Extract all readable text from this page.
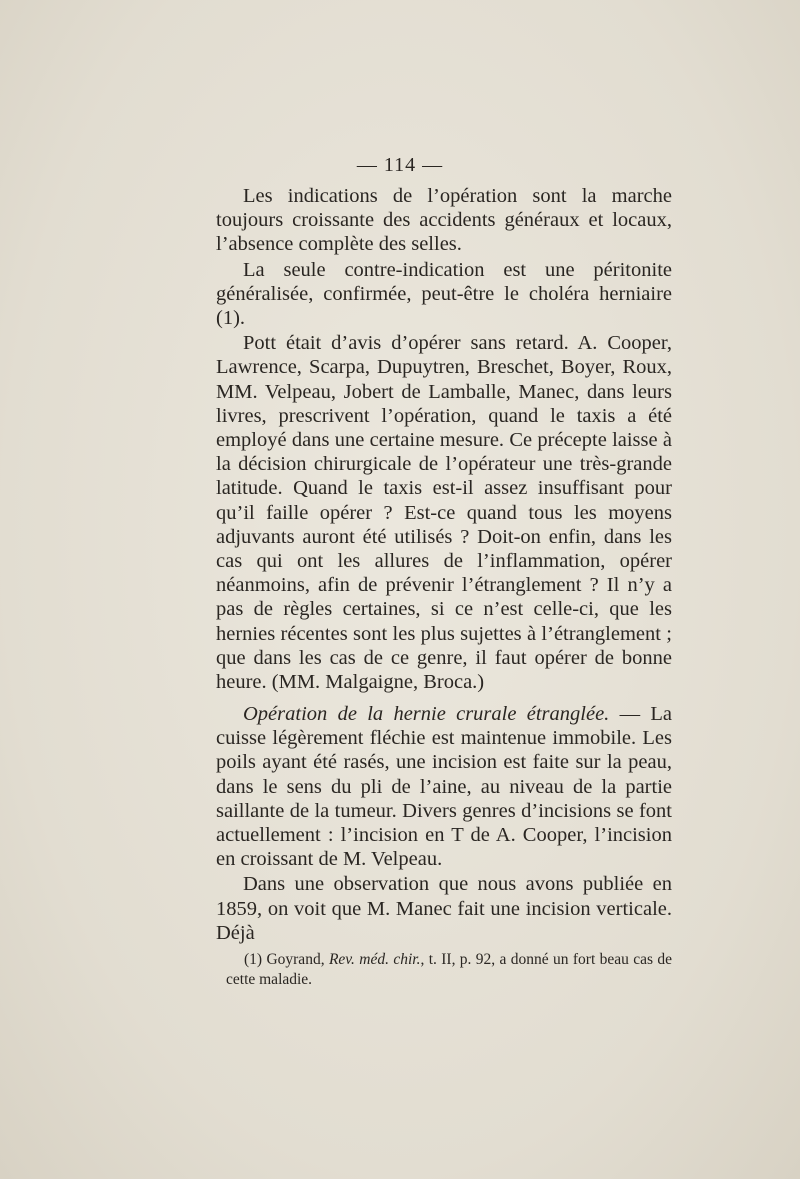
— 114 —

Les indications de l’opération sont la marche toujours croissante des accidents généraux et locaux, l’absence complète des selles.

La seule contre-indication est une péritonite généralisée, confirmée, peut-être le choléra herniaire (1).

Pott était d’avis d’opérer sans retard. A. Cooper, Lawrence, Scarpa, Dupuytren, Breschet, Boyer, Roux, MM. Velpeau, Jobert de Lamballe, Manec, dans leurs livres, prescrivent l’opération, quand le taxis a été employé dans une certaine mesure. Ce précepte laisse à la décision chirurgicale de l’opérateur une très-grande latitude. Quand le taxis est-il assez insuffisant pour qu’il faille opérer ? Est-ce quand tous les moyens adjuvants auront été utilisés ? Doit-on enfin, dans les cas qui ont les allures de l’inflammation, opérer néanmoins, afin de prévenir l’étranglement ? Il n’y a pas de règles certaines, si ce n’est celle-ci, que les hernies récentes sont les plus sujettes à l’étranglement ; que dans les cas de ce genre, il faut opérer de bonne heure. (MM. Malgaigne, Broca.)

Opération de la hernie crurale étranglée. — La cuisse légèrement fléchie est maintenue immobile. Les poils ayant été rasés, une incision est faite sur la peau, dans le sens du pli de l’aine, au niveau de la partie saillante de la tumeur. Divers genres d’incisions se font actuellement : l’incision en T de A. Cooper, l’incision en croissant de M. Velpeau.

Dans une observation que nous avons publiée en 1859, on voit que M. Manec fait une incision verticale. Déjà

(1) Goyrand, Rev. méd. chir., t. II, p. 92, a donné un fort beau cas de cette maladie.
